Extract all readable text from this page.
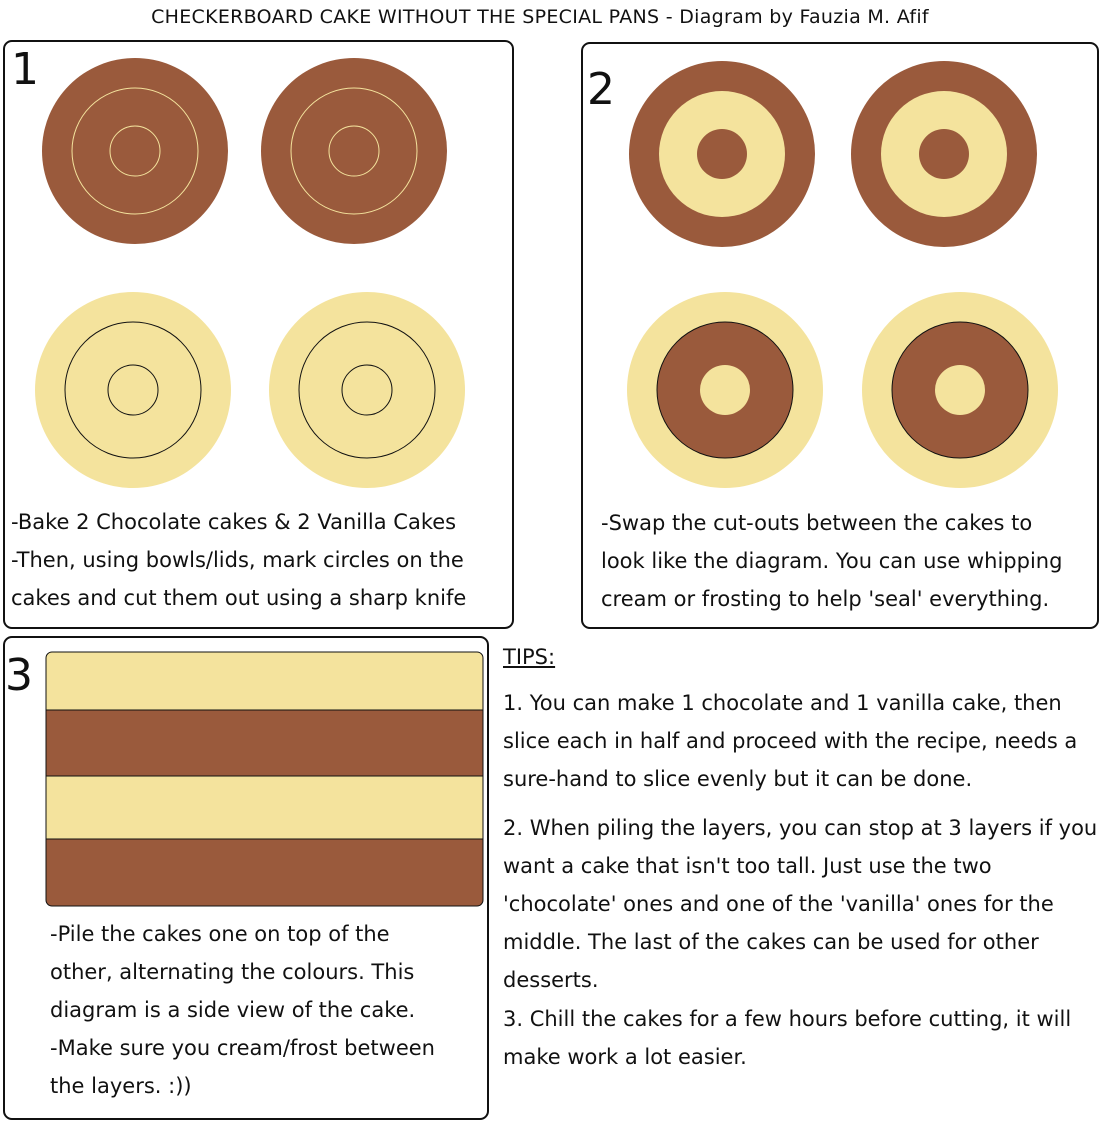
CHECKERBOARD CAKE WITHOUT THE SPECIAL PANS - Diagram by Fauzia M. Afif
1
-Bake 2 Chocolate cakes & 2 Vanilla Cakes
-Then, using bowls/lids, mark circles on the
cakes and cut them out using a sharp knife
2
-Swap the cut-outs between the cakes to
look like the diagram. You can use whipping
cream or frosting to help 'seal' everything.
3
-Pile the cakes one on top of the
other, alternating the colours. This
diagram is a side view of the cake.
-Make sure you cream/frost between
the layers. :))
TIPS:
1. You can make 1 chocolate and 1 vanilla cake, then slice each in half and proceed with the recipe, needs a sure-hand to slice evenly but it can be done.
2. When piling the layers, you can stop at 3 layers if you want a cake that isn't too tall. Just use the two 'chocolate' ones and one of the 'vanilla' ones for the middle. The last of the cakes can be used for other desserts.
3. Chill the cakes for a few hours before cutting, it will make work a lot easier.
